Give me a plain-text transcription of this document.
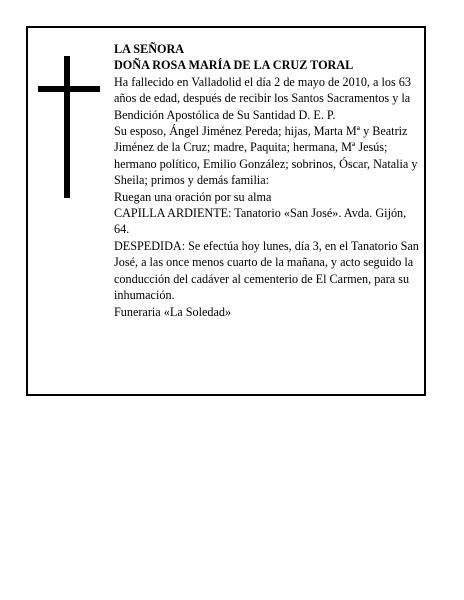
LA SEÑORA

DOÑA ROSA MARÍA DE LA CRUZ TORAL

Ha fallecido en Valladolid el día 2 de mayo de 2010, a los 63 años de edad, después de recibir los Santos Sacramentos y la Bendición Apostólica de Su Santidad D. E. P.

Su esposo, Ángel Jiménez Pereda; hijas, Marta Mª y Beatriz Jiménez de la Cruz; madre, Paquita; hermana, Mª Jesús; hermano político, Emilio González; sobrinos, Óscar, Natalia y Sheila; primos y demás familia:

Ruegan una oración por su alma

CAPILLA ARDIENTE: Tanatorio «San José». Avda. Gijón, 64.

DESPEDIDA: Se efectúa hoy lunes, día 3, en el Tanatorio San José, a las once menos cuarto de la mañana, y acto seguido la conducción del cadáver al cementerio de El Carmen, para su inhumación.

Funeraria «La Soledad»
